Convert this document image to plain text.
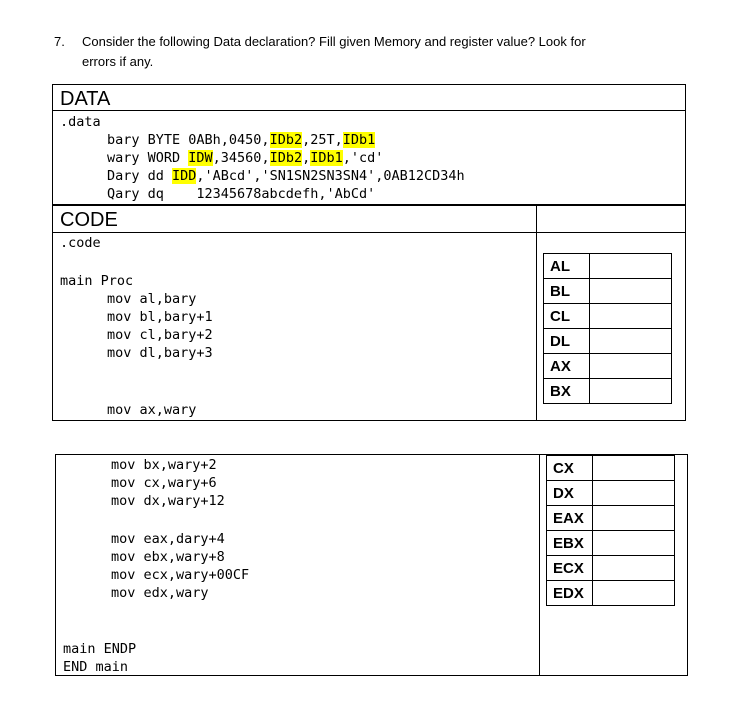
7. Consider the following Data declaration? Fill given Memory and register value? Look for
errors if any.
DATA
.data
bary BYTE 0ABh,0450,IDb2,25T,IDb1
wary WORD IDW,34560,IDb2,IDb1,'cd'
Dary dd IDD,'ABcd','SN1SN2SN3SN4',0AB12CD34h
Qary dq    12345678abcdefh,'AbCd'
CODE
.code
main Proc
mov al,bary
mov bl,bary+1
mov cl,bary+2
mov dl,bary+3
mov ax,wary
AL	
BL	
CL	
DL	
AX	
BX	
mov bx,wary+2
mov cx,wary+6
mov dx,wary+12
mov eax,dary+4
mov ebx,wary+8
mov ecx,wary+00CF
mov edx,wary
main ENDP
END main
CX	
DX	
EAX	
EBX	
ECX	
EDX	
